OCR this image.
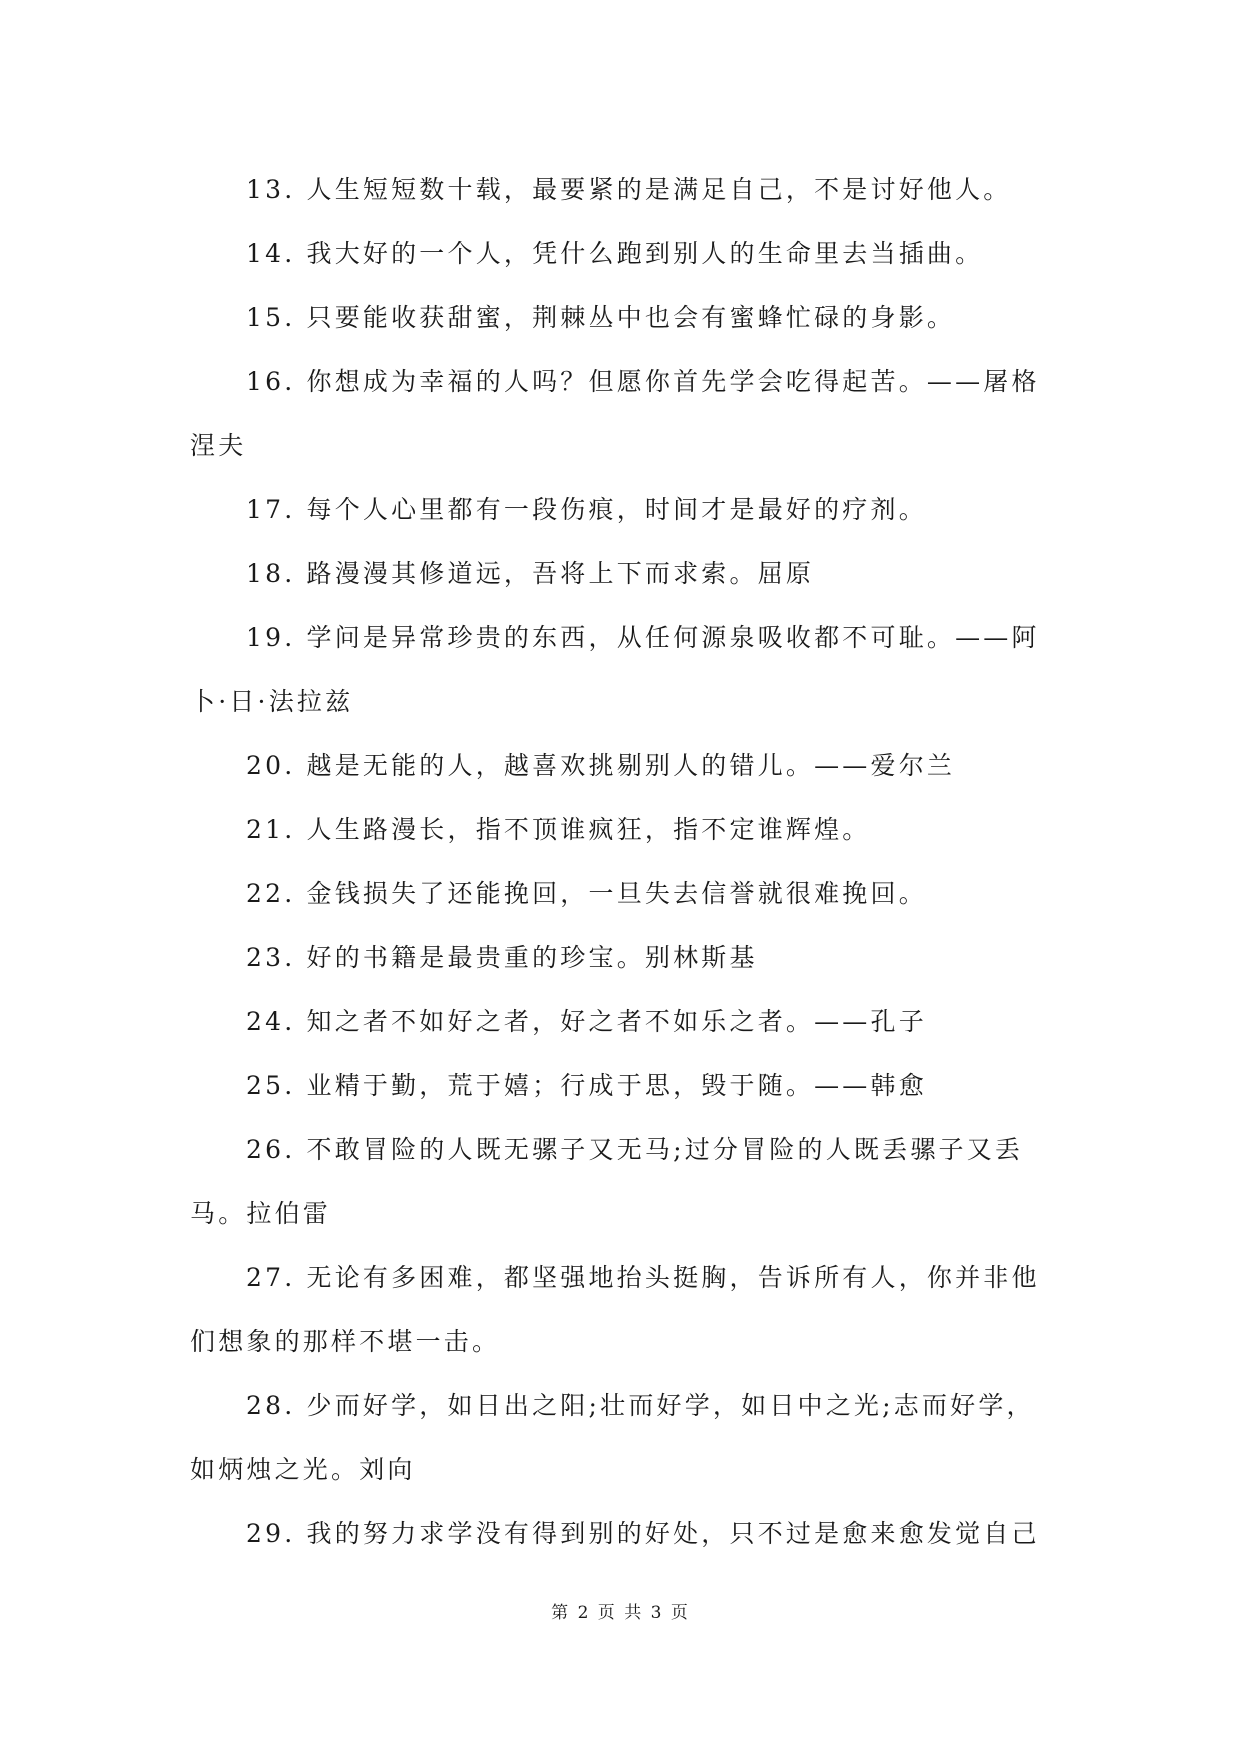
13. 人生短短数十载，最要紧的是满足自己，不是讨好他人。

14. 我大好的一个人，凭什么跑到别人的生命里去当插曲。

15. 只要能收获甜蜜，荆棘丛中也会有蜜蜂忙碌的身影。

16. 你想成为幸福的人吗？但愿你首先学会吃得起苦。——屠格涅夫

17. 每个人心里都有一段伤痕，时间才是最好的疗剂。

18. 路漫漫其修道远，吾将上下而求索。屈原

19. 学问是异常珍贵的东西，从任何源泉吸收都不可耻。——阿卜·日·法拉兹

20. 越是无能的人，越喜欢挑剔别人的错儿。——爱尔兰

21. 人生路漫长，指不顶谁疯狂，指不定谁辉煌。

22. 金钱损失了还能挽回，一旦失去信誉就很难挽回。

23. 好的书籍是最贵重的珍宝。别林斯基

24. 知之者不如好之者，好之者不如乐之者。——孔子

25. 业精于勤，荒于嬉；行成于思，毁于随。——韩愈

26. 不敢冒险的人既无骡子又无马;过分冒险的人既丢骡子又丢马。拉伯雷

27. 无论有多困难，都坚强地抬头挺胸，告诉所有人，你并非他们想象的那样不堪一击。

28. 少而好学，如日出之阳;壮而好学，如日中之光;志而好学，如炳烛之光。刘向

29. 我的努力求学没有得到别的好处，只不过是愈来愈发觉自己

第 2 页 共 3 页
